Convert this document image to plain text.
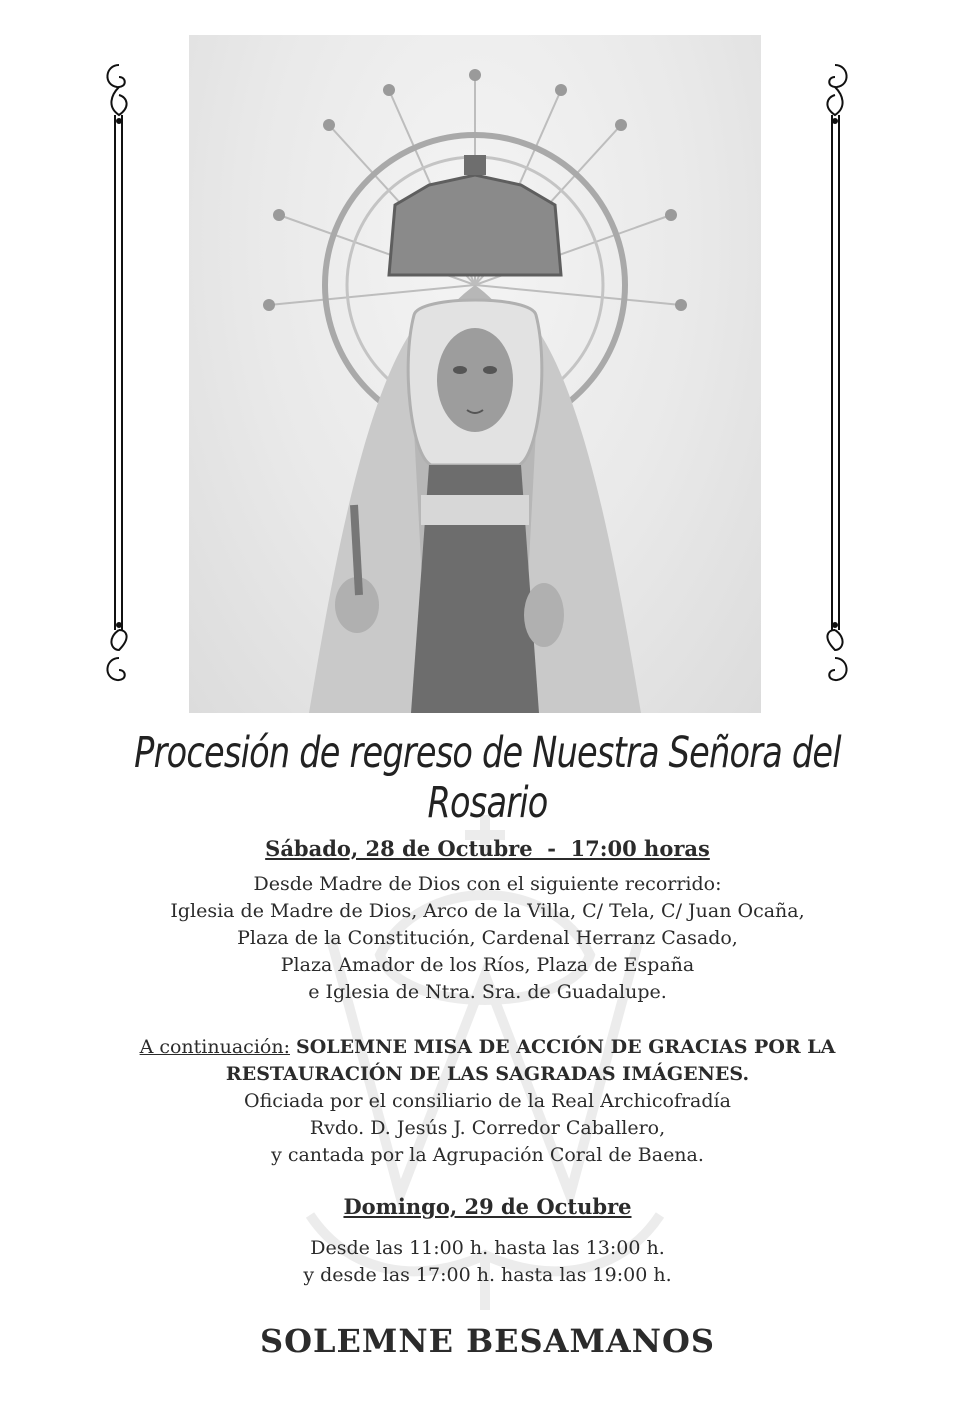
Procesión de regreso de Nuestra Señora del Rosario
Sábado, 28 de Octubre  -  17:00 horas
Desde Madre de Dios con el siguiente recorrido:
Iglesia de Madre de Dios, Arco de la Villa, C/ Tela, C/ Juan Ocaña,
Plaza de la Constitución, Cardenal Herranz Casado,
Plaza Amador de los Ríos, Plaza de España
e Iglesia de Ntra. Sra. de Guadalupe.
A continuación: SOLEMNE MISA DE ACCIÓN DE GRACIAS POR LA
RESTAURACIÓN DE LAS SAGRADAS IMÁGENES.
Oficiada por el consiliario de la Real Archicofradía
Rvdo. D. Jesús J. Corredor Caballero,
y cantada por la Agrupación Coral de Baena.
Domingo, 29 de Octubre
Desde las 11:00 h. hasta las 13:00 h.
y desde las 17:00 h. hasta las 19:00 h.
SOLEMNE BESAMANOS
